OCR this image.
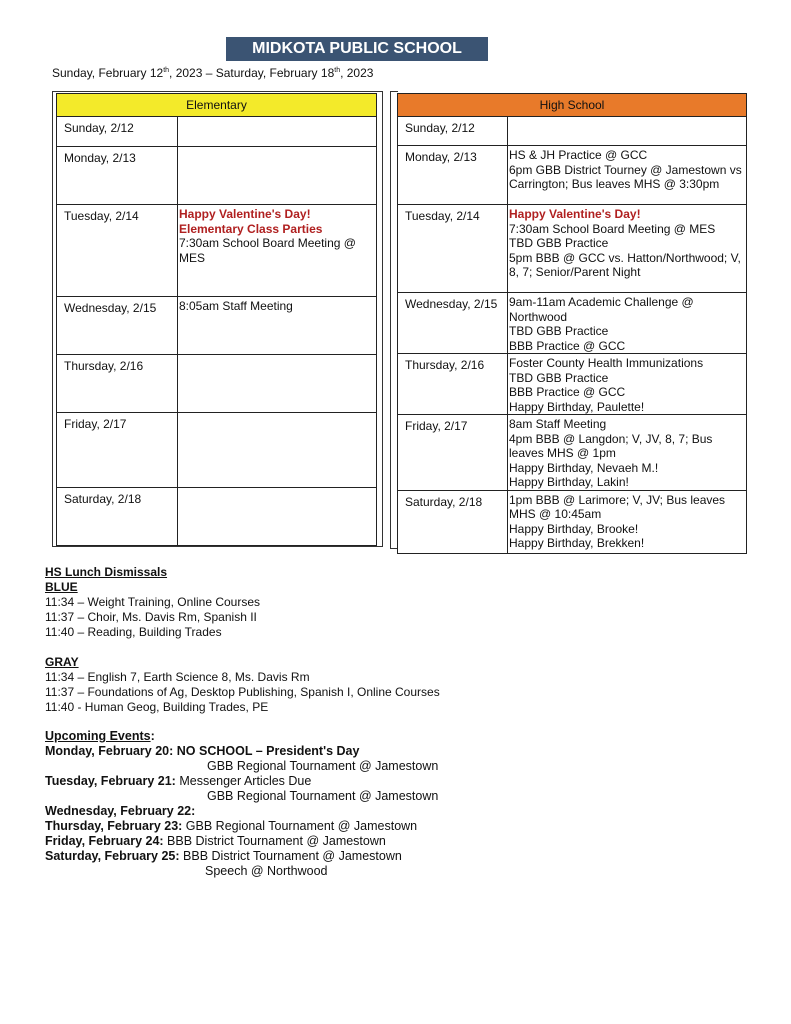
MIDKOTA PUBLIC SCHOOL
Sunday, February 12th, 2023 – Saturday, February 18th, 2023
Elementary	
Sunday, 2/12	
Monday, 2/13	
Tuesday, 2/14	Happy Valentine's Day!
Elementary Class Parties
7:30am School Board Meeting @ MES

Wednesday, 2/15	8:05am Staff Meeting

Thursday, 2/16	
Friday, 2/17	
Saturday, 2/18	
High School	
Sunday, 2/12	
Monday, 2/13	HS & JH Practice @ GCC
6pm GBB District Tourney @ Jamestown vs Carrington; Bus leaves MHS @ 3:30pm

Tuesday, 2/14	Happy Valentine's Day!
7:30am School Board Meeting @ MES
TBD GBB Practice
5pm BBB @ GCC vs. Hatton/Northwood; V, 8, 7; Senior/Parent Night

Wednesday, 2/15	9am-11am Academic Challenge @ Northwood
TBD GBB Practice
BBB Practice @ GCC

Thursday, 2/16	Foster County Health Immunizations
TBD GBB Practice
BBB Practice @ GCC
Happy Birthday, Paulette!

Friday, 2/17	8am Staff Meeting
4pm BBB @ Langdon; V, JV, 8, 7; Bus leaves MHS @ 1pm
Happy Birthday, Nevaeh M.!
Happy Birthday, Lakin!

Saturday, 2/18	1pm BBB @ Larimore; V, JV; Bus leaves MHS @ 10:45am
Happy Birthday, Brooke!
Happy Birthday, Brekken!
HS Lunch Dismissals
BLUE
11:34 – Weight Training, Online Courses
11:37 – Choir, Ms. Davis Rm, Spanish II
11:40 – Reading, Building Trades
GRAY
11:34 – English 7, Earth Science 8, Ms. Davis Rm
11:37 – Foundations of Ag, Desktop Publishing, Spanish I, Online Courses
11:40 - Human Geog, Building Trades, PE
Upcoming Events:
Monday, February 20: NO SCHOOL – President's Day
GBB Regional Tournament @ Jamestown
Tuesday, February 21: Messenger Articles Due
GBB Regional Tournament @ Jamestown
Wednesday, February 22:
Thursday, February 23: GBB Regional Tournament @ Jamestown
Friday, February 24: BBB District Tournament @ Jamestown
Saturday, February 25: BBB District Tournament @ Jamestown
Speech @ Northwood
